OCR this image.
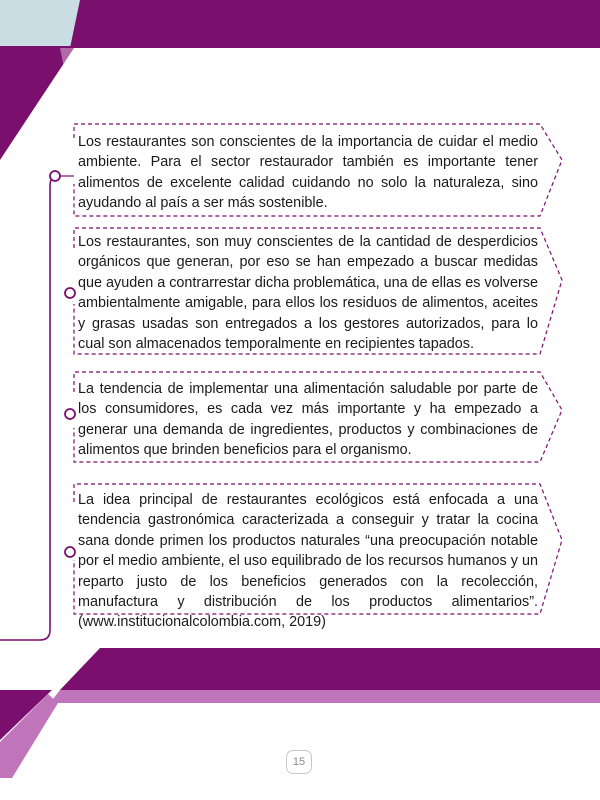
—

Los restaurantes son conscientes de la importancia de cuidar el medio ambiente. Para el sector restaurador también es importante tener alimentos de excelente calidad cuidando no solo la naturaleza, sino ayudando al país a ser más sostenible.

Los restaurantes, son muy conscientes de la cantidad de desperdicios orgánicos que generan, por eso se han empezado a buscar medidas que ayuden a contrarrestar dicha problemática, una de ellas es volverse ambientalmente amigable, para ellos los residuos de alimentos, aceites y grasas usadas son entregados a los gestores autorizados, para lo cual son almacenados temporalmente en recipientes tapados.

La tendencia de implementar una alimentación saludable por parte de los consumidores, es cada vez más importante y ha empezado a generar una demanda de ingredientes, productos y combinaciones de alimentos que brinden beneficios para el organismo.

La idea principal de restaurantes ecológicos está enfocada a una tendencia gastronómica caracterizada a conseguir y tratar la cocina sana donde primen los productos naturales “una preocupación notable por el medio ambiente, el uso equilibrado de los recursos humanos y un reparto justo de los beneficios generados con la recolección, manufactura y distribución de los productos alimentarios”. (www.institucionalcolombia.com, 2019)

15
